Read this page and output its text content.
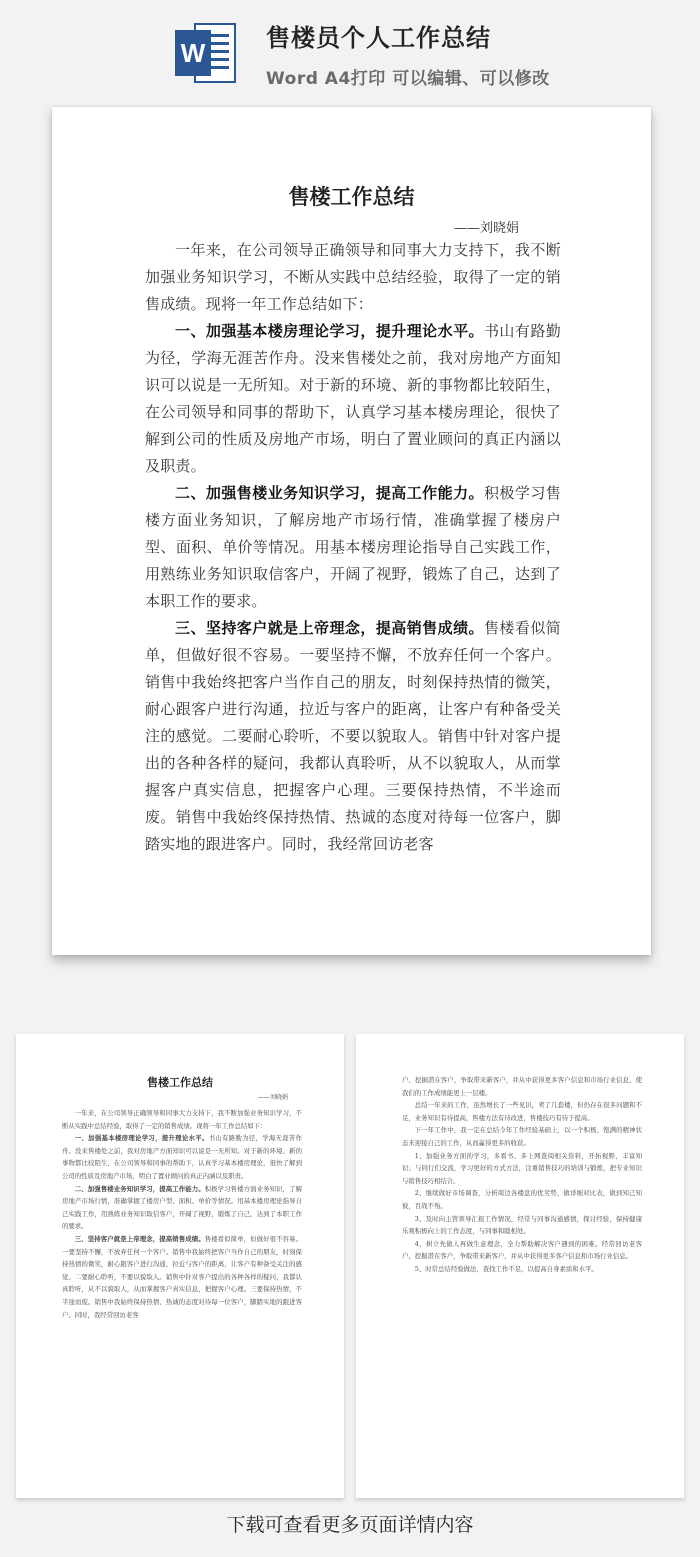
W	售楼员个人工作总结
Word A4打印 可以编辑、可以修改
售楼工作总结
——刘晓娟

一年来，在公司领导正确领导和同事大力支持下，我不断加强业务知识学习，不断从实践中总结经验，取得了一定的销售成绩。现将一年工作总结如下：

一、加强基本楼房理论学习，提升理论水平。书山有路勤为径，学海无涯苦作舟。没来售楼处之前，我对房地产方面知识可以说是一无所知。对于新的环境、新的事物都比较陌生，在公司领导和同事的帮助下，认真学习基本楼房理论，很快了解到公司的性质及房地产市场，明白了置业顾问的真正内涵以及职责。

二、加强售楼业务知识学习，提高工作能力。积极学习售楼方面业务知识，了解房地产市场行情，准确掌握了楼房户型、面积、单价等情况。用基本楼房理论指导自己实践工作，用熟练业务知识取信客户，开阔了视野，锻炼了自己，达到了本职工作的要求。

三、坚持客户就是上帝理念，提高销售成绩。售楼看似简单，但做好很不容易。一要坚持不懈，不放弃任何一个客户。销售中我始终把客户当作自己的朋友，时刻保持热情的微笑，耐心跟客户进行沟通，拉近与客户的距离，让客户有种备受关注的感觉。二要耐心聆听，不要以貌取人。销售中针对客户提出的各种各样的疑问，我都认真聆听，从不以貌取人，从而掌握客户真实信息，把握客户心理。三要保持热情，不半途而废。销售中我始终保持热情、热诚的态度对待每一位客户，脚踏实地的跟进客户。同时，我经常回访老客

售楼工作总结
——刘晓娟

一年来，在公司领导正确领导和同事大力支持下，我不断加强业务知识学习，不断从实践中总结经验，取得了一定的销售成绩。现将一年工作总结如下：

一、加强基本楼房理论学习，提升理论水平。书山有路勤为径，学海无涯苦作舟。没来售楼处之前，我对房地产方面知识可以说是一无所知。对于新的环境、新的事物都比较陌生，在公司领导和同事的帮助下，认真学习基本楼房理论，很快了解到公司的性质及房地产市场，明白了置业顾问的真正内涵以及职责。

二、加强售楼业务知识学习，提高工作能力。积极学习售楼方面业务知识，了解房地产市场行情，准确掌握了楼房户型、面积、单价等情况。用基本楼房理论指导自己实践工作，用熟练业务知识取信客户，开阔了视野，锻炼了自己，达到了本职工作的要求。

三、坚持客户就是上帝理念，提高销售成绩。售楼看似简单，但做好很不容易。一要坚持不懈，不放弃任何一个客户。销售中我始终把客户当作自己的朋友，时刻保持热情的微笑，耐心跟客户进行沟通，拉近与客户的距离，让客户有种备受关注的感觉。二要耐心聆听，不要以貌取人。销售中针对客户提出的各种各样的疑问，我都认真聆听，从不以貌取人，从而掌握客户真实信息，把握客户心理。三要保持热情，不半途而废。销售中我始终保持热情、热诚的态度对待每一位客户，脚踏实地的跟进客户。同时，我经常回访老客

户、挖掘潜在客户，争取带来新客户，并从中获得更多客户信息和市场行业信息，使我们的工作成绩能更上一层楼。

总结一年来的工作，虽然增长了一些见识，卖了几套楼，但仍存在很多问题和不足，业务知识有待提高，售楼方法有待改进，售楼技巧有待于提高。

下一年工作中，我一定在总结今年工作经验基础上，以一个积极、饱满的精神状态来迎接自己的工作，从而赢得更多的收获。

1、加强业务方面的学习，多看书、多上网查阅相关资料，开拓视野，丰富知识；与同行们交流，学习更好的方式方法，注重销售技巧的培训与锻炼，把专业知识与销售技巧相结合。

2、继续做好市场调查，分析周边各楼盘的优劣势，做详细对比表，做到知己知彼，百战不殆。

3、及时向主管领导汇报工作情况，经常与同事沟通感情，探讨经验，保持健康乐观积极向上的工作态度，与同事和睦相处。

4、树立先做人再做生意理念，全力帮助解决客户遇到的困难。经常回访老客户，挖掘潜在客户，争取带来新客户，并从中获得更多客户信息和市场行业信息。

5、时常总结经验做法，查找工作不足，以提高自身素质和水平。

下载可查看更多页面详情内容
